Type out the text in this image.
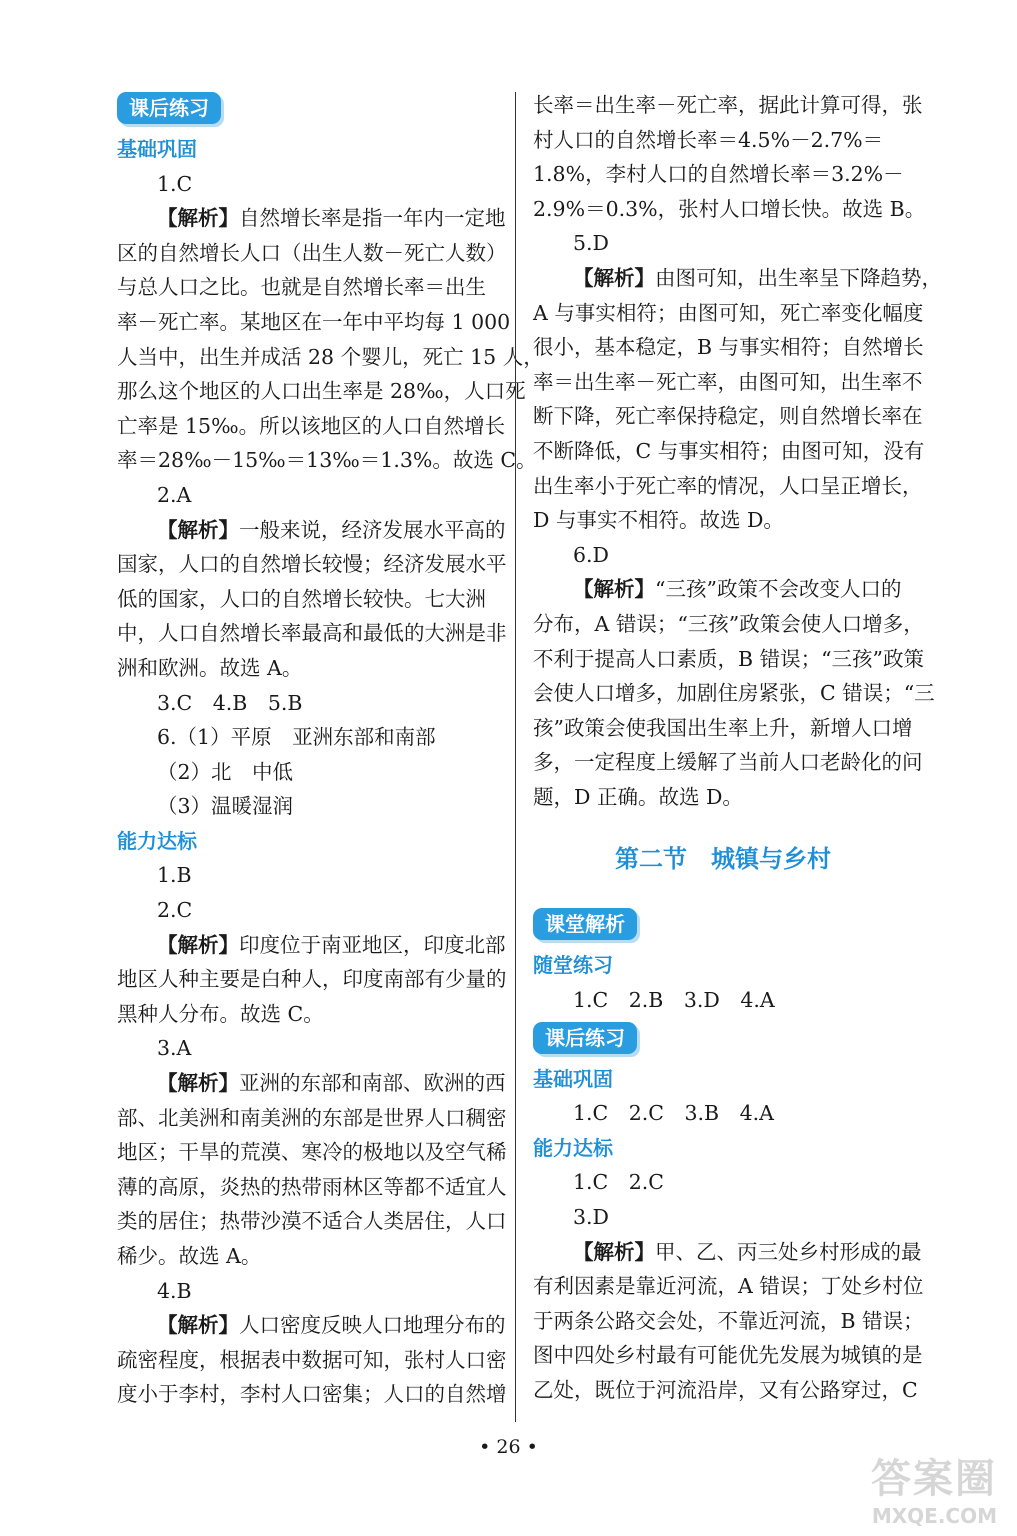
课后练习
基础巩固
1.C
【解析】自然增长率是指一年内一定地
区的自然增长人口（出生人数－死亡人数）
与总人口之比。也就是自然增长率＝出生
率－死亡率。某地区在一年中平均每 1 000
人当中，出生并成活 28 个婴儿，死亡 15 人，
那么这个地区的人口出生率是 28‰，人口死
亡率是 15‰。所以该地区的人口自然增长
率＝28‰－15‰＝13‰＝1.3%。故选 C。
2.A
【解析】一般来说，经济发展水平高的
国家，人口的自然增长较慢；经济发展水平
低的国家，人口的自然增长较快。七大洲
中，人口自然增长率最高和最低的大洲是非
洲和欧洲。故选 A。
3.C　4.B　5.B
6.（1）平原　亚洲东部和南部
（2）北　中低
（3）温暖湿润
能力达标
1.B
2.C
【解析】印度位于南亚地区，印度北部
地区人种主要是白种人，印度南部有少量的
黑种人分布。故选 C。
3.A
【解析】亚洲的东部和南部、欧洲的西
部、北美洲和南美洲的东部是世界人口稠密
地区；干旱的荒漠、寒冷的极地以及空气稀
薄的高原，炎热的热带雨林区等都不适宜人
类的居住；热带沙漠不适合人类居住，人口
稀少。故选 A。
4.B
【解析】人口密度反映人口地理分布的
疏密程度，根据表中数据可知，张村人口密
度小于李村，李村人口密集；人口的自然增
长率＝出生率－死亡率，据此计算可得，张
村人口的自然增长率＝4.5%－2.7%＝
1.8%，李村人口的自然增长率＝3.2%－
2.9%＝0.3%，张村人口增长快。故选 B。
5.D
【解析】由图可知，出生率呈下降趋势，
A 与事实相符；由图可知，死亡率变化幅度
很小，基本稳定，B 与事实相符；自然增长
率＝出生率－死亡率，由图可知，出生率不
断下降，死亡率保持稳定，则自然增长率在
不断降低，C 与事实相符；由图可知，没有
出生率小于死亡率的情况，人口呈正增长，
D 与事实不相符。故选 D。
6.D
【解析】“三孩”政策不会改变人口的
分布，A 错误；“三孩”政策会使人口增多，
不利于提高人口素质，B 错误；“三孩”政策
会使人口增多，加剧住房紧张，C 错误；“三
孩”政策会使我国出生率上升，新增人口增
多，一定程度上缓解了当前人口老龄化的问
题，D 正确。故选 D。
第二节　城镇与乡村
课堂解析
随堂练习
1.C　2.B　3.D　4.A
课后练习
基础巩固
1.C　2.C　3.B　4.A
能力达标
1.C　2.C
3.D
【解析】甲、乙、丙三处乡村形成的最
有利因素是靠近河流，A 错误；丁处乡村位
于两条公路交会处，不靠近河流，B 错误；
图中四处乡村最有可能优先发展为城镇的是
乙处，既位于河流沿岸，又有公路穿过，C
• 26 •
答案圈
MXQE.COM
